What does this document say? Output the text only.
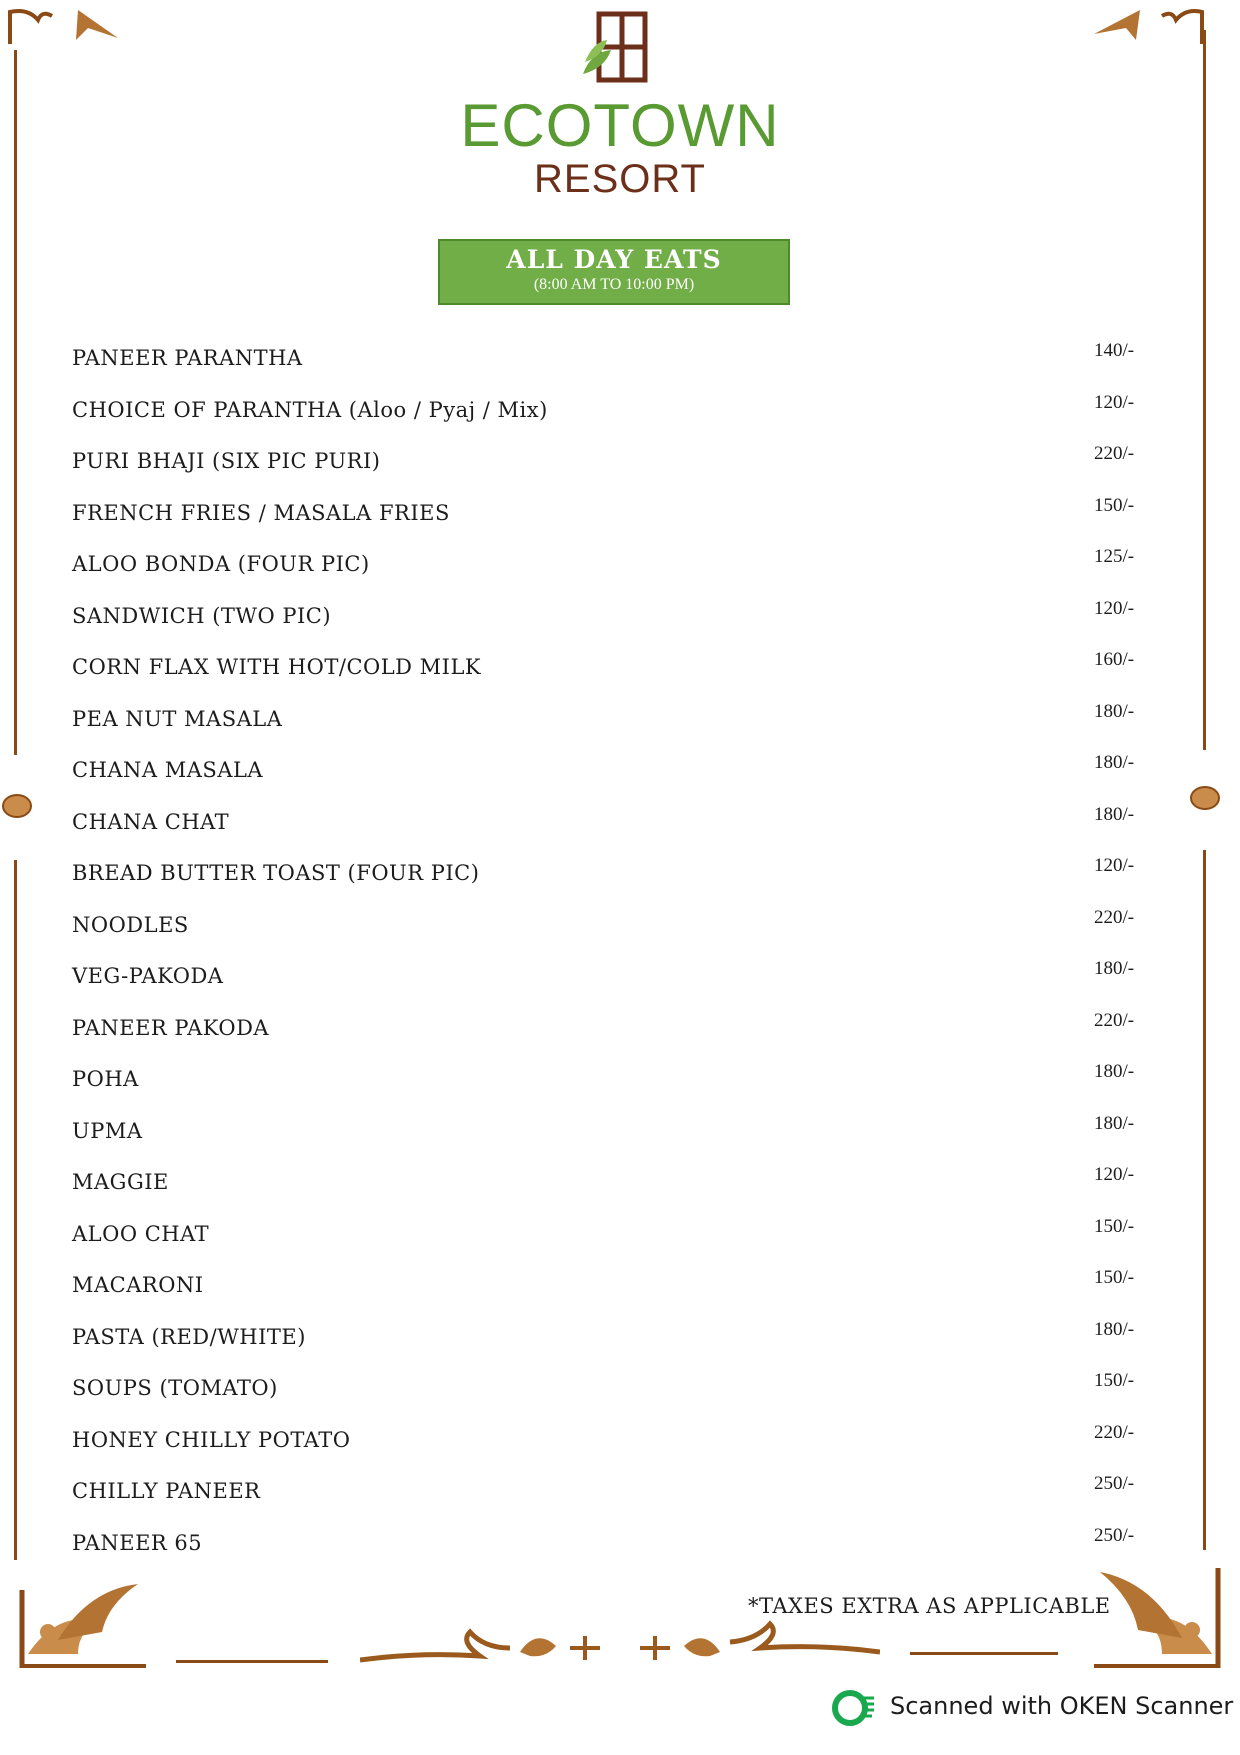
ECOTOWN
RESORT
ALL DAY EATS
(8:00 AM TO 10:00 PM)
PANEER PARANTHA	140/-
CHOICE OF PARANTHA (Aloo / Pyaj / Mix)	120/-
PURI BHAJI (SIX PIC PURI)	220/-
FRENCH FRIES / MASALA FRIES	150/-
ALOO BONDA (FOUR PIC)	125/-
SANDWICH (TWO PIC)	120/-
CORN FLAX WITH HOT/COLD MILK	160/-
PEA NUT MASALA	180/-
CHANA MASALA	180/-
CHANA CHAT	180/-
BREAD BUTTER TOAST (FOUR PIC)	120/-
NOODLES	220/-
VEG-PAKODA	180/-
PANEER PAKODA	220/-
POHA	180/-
UPMA	180/-
MAGGIE	120/-
ALOO CHAT	150/-
MACARONI	150/-
PASTA (RED/WHITE)	180/-
SOUPS (TOMATO)	150/-
HONEY CHILLY POTATO	220/-
CHILLY PANEER	250/-
PANEER 65	250/-
*TAXES EXTRA AS APPLICABLE
Scanned with OKEN Scanner
